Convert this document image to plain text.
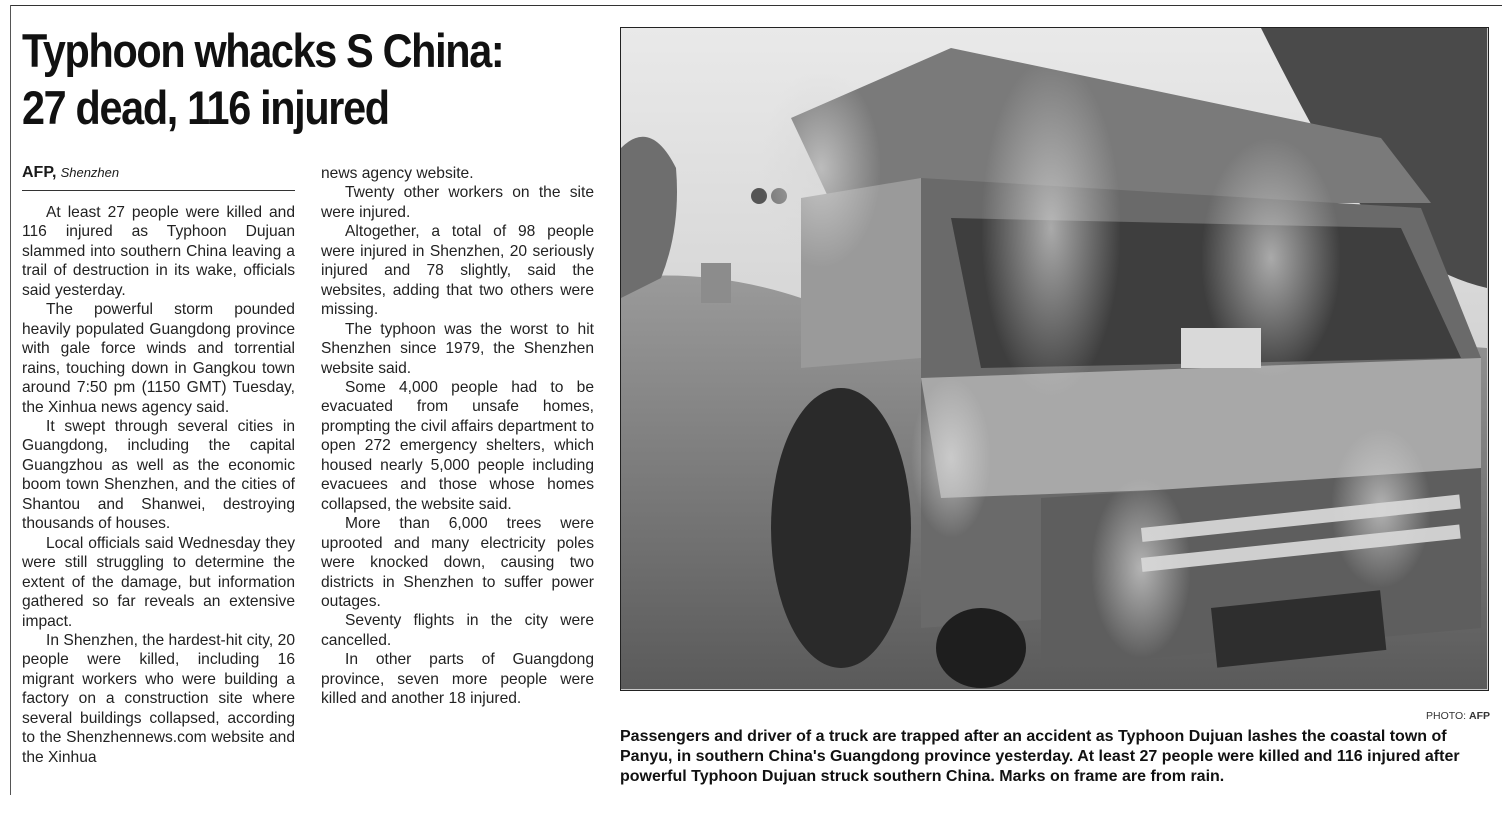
Typhoon whacks S China:
27 dead, 116 injured
AFP, Shenzhen

At least 27 people were killed and 116 injured as Typhoon Dujuan slammed into southern China leaving a trail of destruction in its wake, officials said yesterday.

The powerful storm pounded heavily populated Guangdong province with gale force winds and torrential rains, touching down in Gangkou town around 7:50 pm (1150 GMT) Tuesday, the Xinhua news agency said.

It swept through several cities in Guangdong, including the capital Guangzhou as well as the economic boom town Shenzhen, and the cities of Shantou and Shanwei, destroying thousands of houses.

Local officials said Wednesday they were still struggling to determine the extent of the damage, but information gathered so far reveals an extensive impact.

In Shenzhen, the hardest-hit city, 20 people were killed, including 16 migrant workers who were building a factory on a construction site where several buildings collapsed, according to the Shenzhennews.com website and the Xinhua

news agency website.

Twenty other workers on the site were injured.

Altogether, a total of 98 people were injured in Shenzhen, 20 seriously injured and 78 slightly, said the websites, adding that two others were missing.

The typhoon was the worst to hit Shenzhen since 1979, the Shenzhen website said.

Some 4,000 people had to be evacuated from unsafe homes, prompting the civil affairs department to open 272 emergency shelters, which housed nearly 5,000 people including evacuees and those whose homes collapsed, the website said.

More than 6,000 trees were uprooted and many electricity poles were knocked down, causing two districts in Shenzhen to suffer power outages.

Seventy flights in the city were cancelled.

In other parts of Guangdong province, seven more people were killed and another 18 injured.

PHOTO: AFP

Passengers and driver of a truck are trapped after an accident as Typhoon Dujuan lashes the coastal town of Panyu, in southern China's Guangdong province yesterday. At least 27 people were killed and 116 injured after powerful Typhoon Dujuan struck southern China. Marks on frame are from rain.
